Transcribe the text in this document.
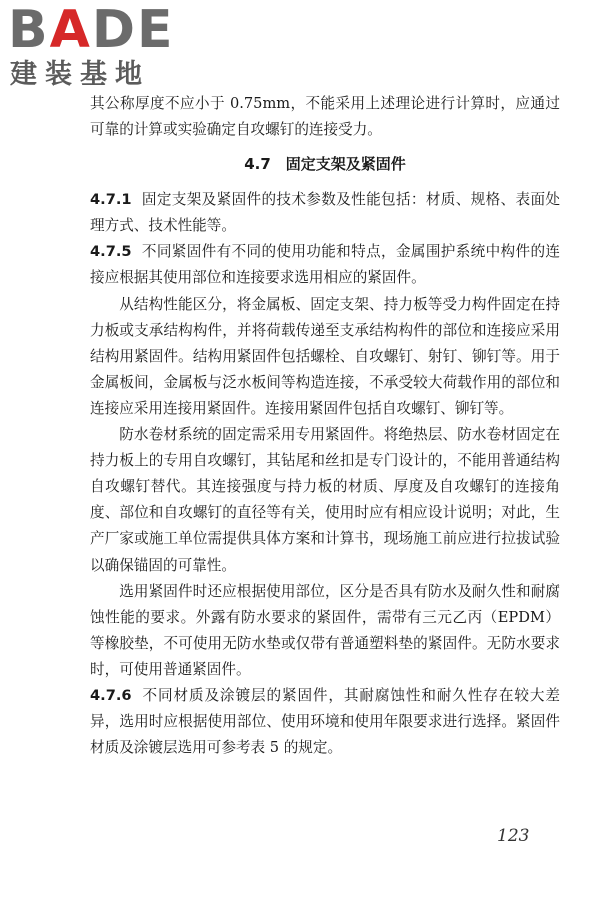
BADE
建装基地

其公称厚度不应小于 0.75mm，不能采用上述理论进行计算时，应通过可靠的计算或实验确定自攻螺钉的连接受力。

4.7　固定支架及紧固件

4.7.1 固定支架及紧固件的技术参数及性能包括：材质、规格、表面处理方式、技术性能等。

4.7.5 不同紧固件有不同的使用功能和特点，金属围护系统中构件的连接应根据其使用部位和连接要求选用相应的紧固件。

从结构性能区分，将金属板、固定支架、持力板等受力构件固定在持力板或支承结构构件，并将荷载传递至支承结构构件的部位和连接应采用结构用紧固件。结构用紧固件包括螺栓、自攻螺钉、射钉、铆钉等。用于金属板间，金属板与泛水板间等构造连接，不承受较大荷载作用的部位和连接应采用连接用紧固件。连接用紧固件包括自攻螺钉、铆钉等。

防水卷材系统的固定需采用专用紧固件。将绝热层、防水卷材固定在持力板上的专用自攻螺钉，其钻尾和丝扣是专门设计的，不能用普通结构自攻螺钉替代。其连接强度与持力板的材质、厚度及自攻螺钉的连接角度、部位和自攻螺钉的直径等有关，使用时应有相应设计说明；对此，生产厂家或施工单位需提供具体方案和计算书，现场施工前应进行拉拔试验以确保锚固的可靠性。

选用紧固件时还应根据使用部位，区分是否具有防水及耐久性和耐腐蚀性能的要求。外露有防水要求的紧固件，需带有三元乙丙（EPDM）等橡胶垫，不可使用无防水垫或仅带有普通塑料垫的紧固件。无防水要求时，可使用普通紧固件。

4.7.6 不同材质及涂镀层的紧固件，其耐腐蚀性和耐久性存在较大差异，选用时应根据使用部位、使用环境和使用年限要求进行选择。紧固件材质及涂镀层选用可参考表 5 的规定。

123
